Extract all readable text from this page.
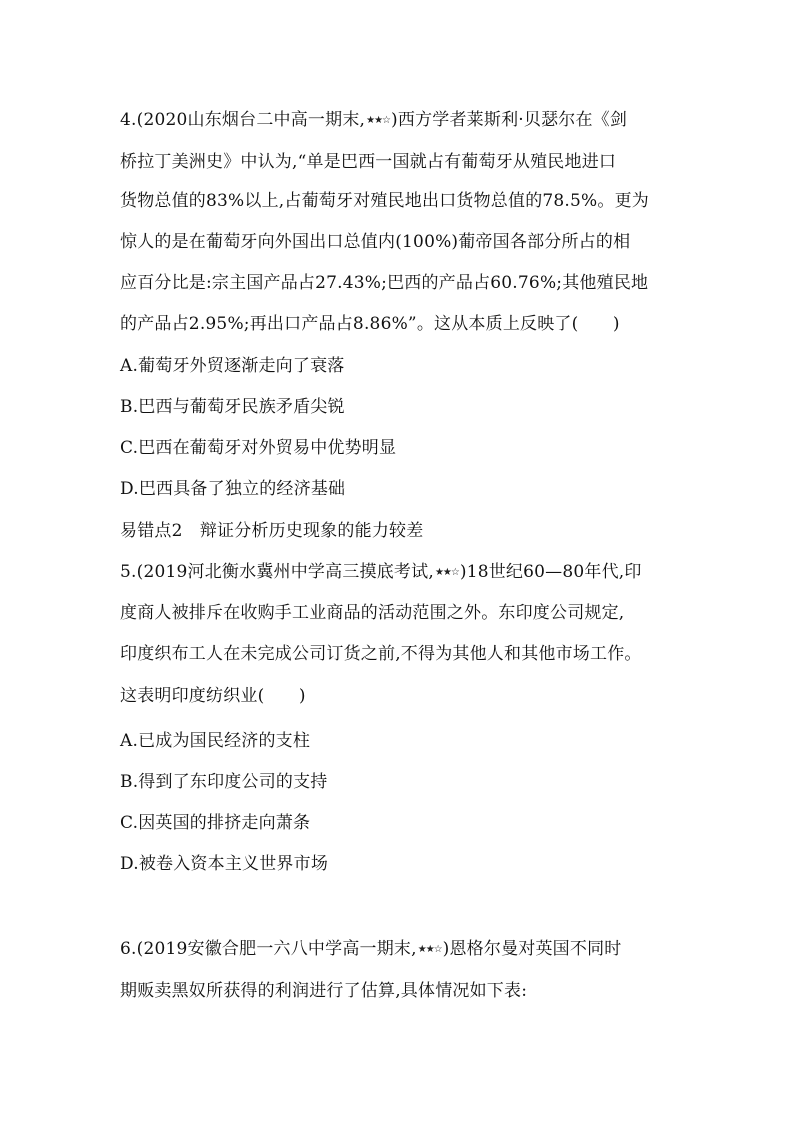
4.(2020山东烟台二中高一期末,★★☆)西方学者莱斯利·贝瑟尔在《剑
桥拉丁美洲史》中认为,“单是巴西一国就占有葡萄牙从殖民地进口
货物总值的83%以上,占葡萄牙对殖民地出口货物总值的78.5%。更为
惊人的是在葡萄牙向外国出口总值内(100%)葡帝国各部分所占的相
应百分比是:宗主国产品占27.43%;巴西的产品占60.76%;其他殖民地
的产品占2.95%;再出口产品占8.86%”。这从本质上反映了(　　)
A.葡萄牙外贸逐渐走向了衰落
B.巴西与葡萄牙民族矛盾尖锐
C.巴西在葡萄牙对外贸易中优势明显
D.巴西具备了独立的经济基础
易错点2　辩证分析历史现象的能力较差
5.(2019河北衡水冀州中学高三摸底考试,★★☆)18世纪60—80年代,印
度商人被排斥在收购手工业商品的活动范围之外。东印度公司规定,
印度织布工人在未完成公司订货之前,不得为其他人和其他市场工作。
这表明印度纺织业(　　)
A.已成为国民经济的支柱
B.得到了东印度公司的支持
C.因英国的排挤走向萧条
D.被卷入资本主义世界市场
6.(2019安徽合肥一六八中学高一期末,★★☆)恩格尔曼对英国不同时
期贩卖黑奴所获得的利润进行了估算,具体情况如下表:
